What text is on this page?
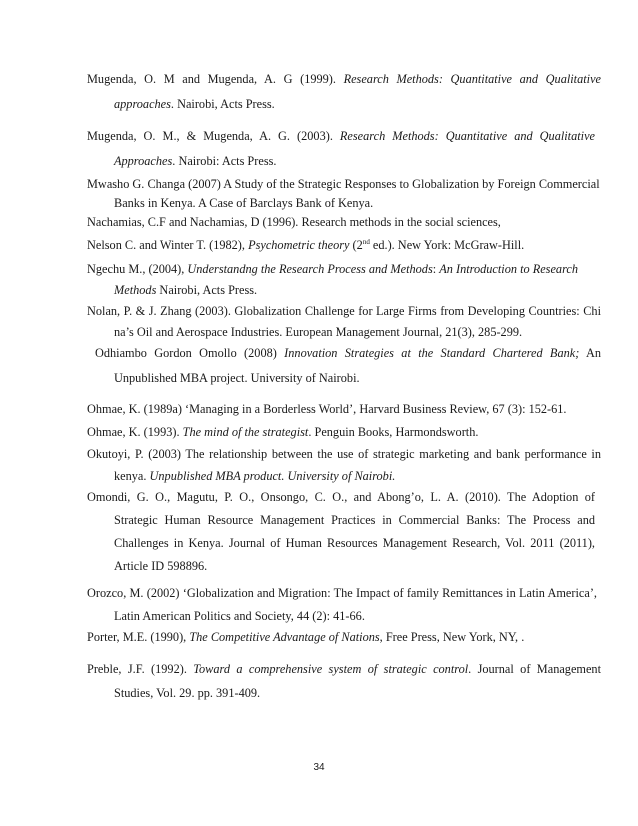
Mugenda, O. M and Mugenda, A. G (1999). Research Methods: Quantitative and Qualitative
approaches. Nairobi, Acts Press.
Mugenda, O. M., & Mugenda, A. G. (2003). Research Methods: Quantitative and Qualitative
Approaches. Nairobi: Acts Press.
Mwasho G. Changa (2007) A Study of the Strategic Responses to Globalization by Foreign Commercial
Banks in Kenya. A Case of Barclays Bank of Kenya.
Nachamias, C.F and Nachamias, D (1996). Research methods in the social sciences,
Nelson C. and Winter T. (1982), Psychometric theory (2nd ed.). New York: McGraw-Hill.
Ngechu M., (2004), Understandng the Research Process and Methods: An Introduction to Research
Methods Nairobi, Acts Press.
Nolan, P. & J. Zhang (2003). Globalization Challenge for Large Firms from Developing Countries: Chi
na’s Oil and Aerospace Industries. European Management Journal, 21(3), 285-299.
Odhiambo Gordon Omollo (2008) Innovation Strategies at the Standard Chartered Bank; An
Unpublished MBA project. University of Nairobi.
Ohmae, K. (1989a) ‘Managing in a Borderless World’, Harvard Business Review, 67 (3): 152-61.
Ohmae, K. (1993). The mind of the strategist. Penguin Books, Harmondsworth.
Okutoyi, P. (2003) The relationship between the use of strategic marketing and bank performance in
kenya. Unpublished MBA product. University of Nairobi.
Omondi, G. O., Magutu, P. O., Onsongo, C. O., and Abong’o, L. A. (2010). The Adoption of
Strategic Human Resource Management Practices in Commercial Banks: The Process and
Challenges in Kenya. Journal of Human Resources Management Research, Vol. 2011 (2011),
Article ID 598896.
Orozco, M. (2002) ‘Globalization and Migration: The Impact of family Remittances in Latin America’,
Latin American Politics and Society, 44 (2): 41-66.
Porter, M.E. (1990), The Competitive Advantage of Nations, Free Press, New York, NY, .
Preble, J.F. (1992). Toward a comprehensive system of strategic control. Journal of Management
Studies, Vol. 29. pp. 391-409.
34
